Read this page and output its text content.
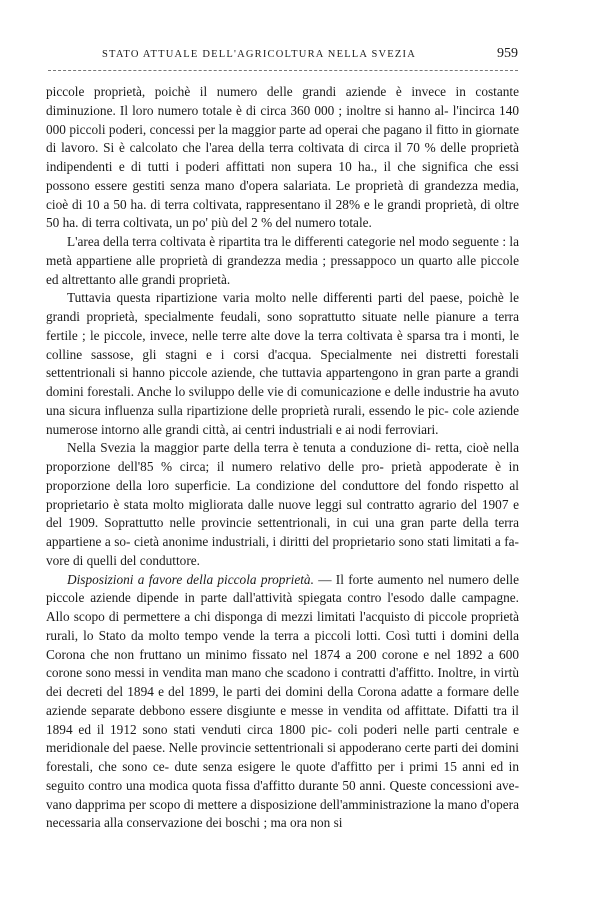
STATO ATTUALE DELL'AGRICOLTURA NELLA SVEZIA	959

piccole proprietà, poichè il numero delle grandi aziende è invece in costante diminuzione. Il loro numero totale è di circa 360 000 ; inoltre si hanno al- l'incirca 140 000 piccoli poderi, concessi per la maggior parte ad operai che pagano il fitto in giornate di lavoro. Si è calcolato che l'area della terra coltivata di circa il 70 % delle proprietà indipendenti e di tutti i poderi affittati non supera 10 ha., il che significa che essi possono essere gestiti senza mano d'opera salariata. Le proprietà di grandezza media, cioè di 10 a 50 ha. di terra coltivata, rappresentano il 28% e le grandi proprietà, di oltre 50 ha. di terra coltivata, un po' più del 2 % del numero totale.

L'area della terra coltivata è ripartita tra le differenti categorie nel modo seguente : la metà appartiene alle proprietà di grandezza media ; pressappoco un quarto alle piccole ed altrettanto alle grandi proprietà.

Tuttavia questa ripartizione varia molto nelle differenti parti del paese, poichè le grandi proprietà, specialmente feudali, sono soprattutto situate nelle pianure a terra fertile ; le piccole, invece, nelle terre alte dove la terra coltivata è sparsa tra i monti, le colline sassose, gli stagni e i corsi d'acqua. Specialmente nei distretti forestali settentrionali si hanno piccole aziende, che tuttavia appartengono in gran parte a grandi domini forestali. Anche lo sviluppo delle vie di comunicazione e delle industrie ha avuto una sicura influenza sulla ripartizione delle proprietà rurali, essendo le pic- cole aziende numerose intorno alle grandi città, ai centri industriali e ai nodi ferroviari.

Nella Svezia la maggior parte della terra è tenuta a conduzione di- retta, cioè nella proporzione dell'85 % circa; il numero relativo delle pro- prietà appoderate è in proporzione della loro superficie. La condizione del conduttore del fondo rispetto al proprietario è stata molto migliorata dalle nuove leggi sul contratto agrario del 1907 e del 1909. Soprattutto nelle provincie settentrionali, in cui una gran parte della terra appartiene a so- cietà anonime industriali, i diritti del proprietario sono stati limitati a fa- vore di quelli del conduttore.

Disposizioni a favore della piccola proprietà. — Il forte aumento nel numero delle piccole aziende dipende in parte dall'attività spiegata contro l'esodo dalle campagne. Allo scopo di permettere a chi disponga di mezzi limitati l'acquisto di piccole proprietà rurali, lo Stato da molto tempo vende la terra a piccoli lotti. Così tutti i domini della Corona che non fruttano un minimo fissato nel 1874 a 200 corone e nel 1892 a 600 corone sono messi in vendita man mano che scadono i contratti d'affitto. Inoltre, in virtù dei decreti del 1894 e del 1899, le parti dei domini della Corona adatte a formare delle aziende separate debbono essere disgiunte e messe in vendita od affittate. Difatti tra il 1894 ed il 1912 sono stati venduti circa 1800 pic- coli poderi nelle parti centrale e meridionale del paese. Nelle provincie settentrionali si appoderano certe parti dei domini forestali, che sono ce- dute senza esigere le quote d'affitto per i primi 15 anni ed in seguito contro una modica quota fissa d'affitto durante 50 anni. Queste concessioni ave- vano dapprima per scopo di mettere a disposizione dell'amministrazione la mano d'opera necessaria alla conservazione dei boschi ; ma ora non si
